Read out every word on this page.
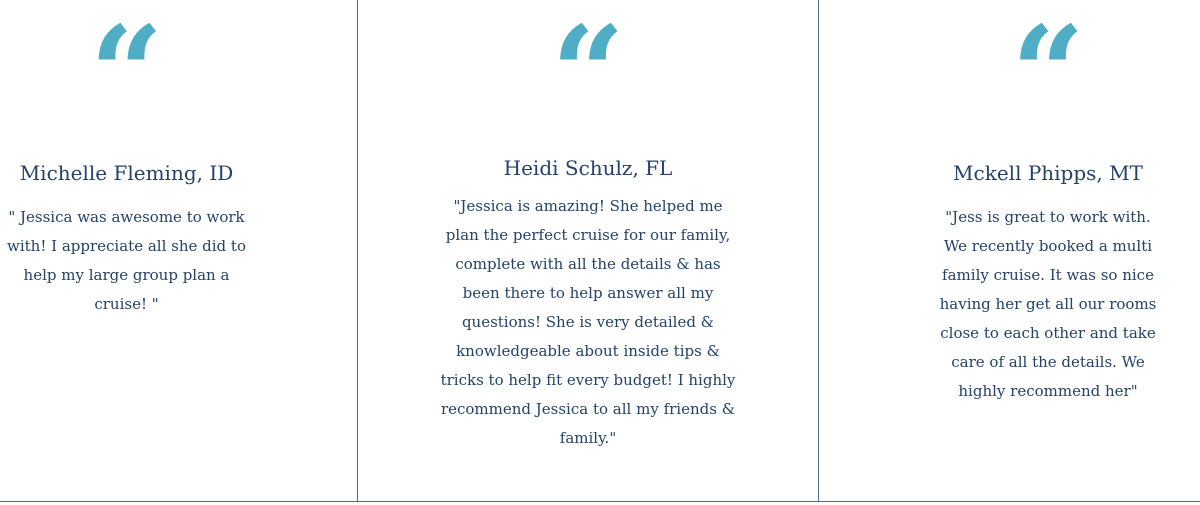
“
Michelle Fleming, ID
" Jessica was awesome to work
with! I appreciate all she did to
help my large group plan a
cruise! "
“
Heidi Schulz, FL
"Jessica is amazing! She helped me
plan the perfect cruise for our family,
complete with all the details & has
been there to help answer all my
questions! She is very detailed &
knowledgeable about inside tips &
tricks to help fit every budget! I highly
recommend Jessica to all my friends &
family."
“
Mckell Phipps, MT
"Jess is great to work with.
We recently booked a multi
family cruise. It was so nice
having her get all our rooms
close to each other and take
care of all the details. We
highly recommend her"
